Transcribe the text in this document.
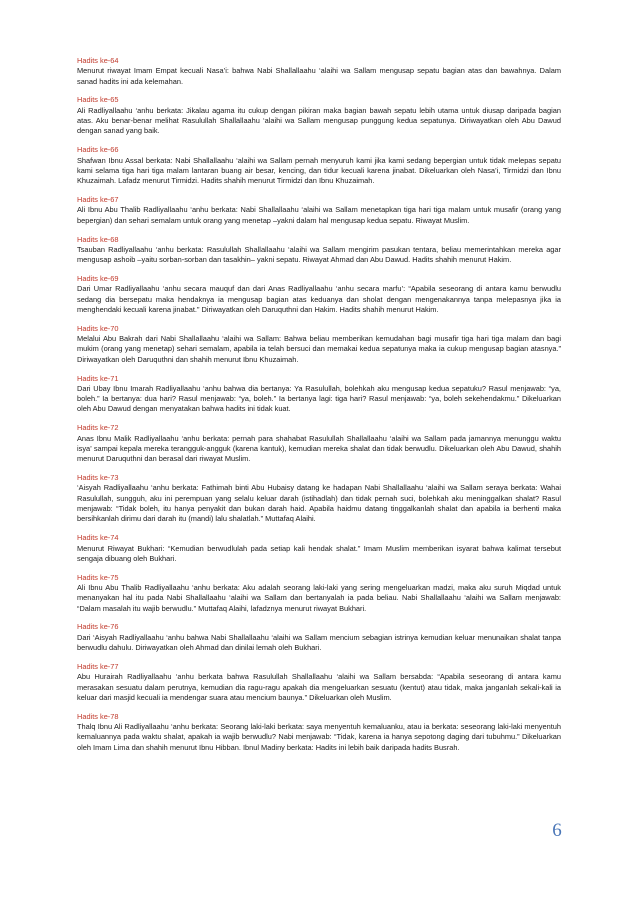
Hadits ke-64
Menurut riwayat Imam Empat kecuali Nasa’i: bahwa Nabi Shallallaahu ‘alaihi wa Sallam mengusap sepatu bagian atas dan bawahnya. Dalam sanad hadits ini ada kelemahan.
Hadits ke-65
Ali Radliyallaahu ‘anhu berkata: Jikalau agama itu cukup dengan pikiran maka bagian bawah sepatu lebih utama untuk diusap daripada bagian atas. Aku benar-benar melihat Rasulullah Shallallaahu ‘alaihi wa Sallam mengusap punggung kedua sepatunya. Diriwayatkan oleh Abu Dawud dengan sanad yang baik.
Hadits ke-66
Shafwan Ibnu Assal berkata: Nabi Shallallaahu ‘alaihi wa Sallam pernah menyuruh kami jika kami sedang bepergian untuk tidak melepas sepatu kami selama tiga hari tiga malam lantaran buang air besar, kencing, dan tidur kecuali karena jinabat. Dikeluarkan oleh Nasa’i, Tirmidzi dan Ibnu Khuzaimah. Lafadz menurut Tirmidzi. Hadits shahih menurut Tirmidzi dan Ibnu Khuzaimah.
Hadits ke-67
Ali Ibnu Abu Thalib Radliyallaahu ‘anhu berkata: Nabi Shallallaahu ‘alaihi wa Sallam menetapkan tiga hari tiga malam untuk musafir (orang yang bepergian) dan sehari semalam untuk orang yang menetap –yakni dalam hal mengusap kedua sepatu. Riwayat Muslim.
Hadits ke-68
Tsauban Radliyallaahu ‘anhu berkata: Rasulullah Shallallaahu ‘alaihi wa Sallam mengirim pasukan tentara, beliau memerintahkan mereka agar mengusap ashoib –yaitu sorban-sorban dan tasakhin– yakni sepatu. Riwayat Ahmad dan Abu Dawud. Hadits shahih menurut Hakim.
Hadits ke-69
Dari Umar Radliyallaahu ‘anhu secara mauquf dan dari Anas Radliyallaahu ‘anhu secara marfu’: “Apabila seseorang di antara kamu berwudlu sedang dia bersepatu maka hendaknya ia mengusap bagian atas keduanya dan sholat dengan mengenakannya tanpa melepasnya jika ia menghendaki kecuali karena jinabat.” Diriwayatkan oleh Daruquthni dan Hakim. Hadits shahih menurut Hakim.
Hadits ke-70
Melalui Abu Bakrah dari Nabi Shallallaahu ‘alaihi wa Sallam: Bahwa beliau memberikan kemudahan bagi musafir tiga hari tiga malam dan bagi mukim (orang yang menetap) sehari semalam, apabila ia telah bersuci dan memakai kedua sepatunya maka ia cukup mengusap bagian atasnya.” Diriwayatkan oleh Daruquthni dan shahih menurut Ibnu Khuzaimah.
Hadits ke-71
Dari Ubay Ibnu Imarah Radliyallaahu ‘anhu bahwa dia bertanya: Ya Rasulullah, bolehkah aku mengusap kedua sepatuku? Rasul menjawab: “ya, boleh.” Ia bertanya: dua hari? Rasul menjawab: “ya, boleh.” Ia bertanya lagi: tiga hari? Rasul menjawab: “ya, boleh sekehendakmu.” Dikeluarkan oleh Abu Dawud dengan menyatakan bahwa hadits ini tidak kuat.
Hadits ke-72
Anas Ibnu Malik Radliyallaahu ‘anhu berkata: pernah para shahabat Rasulullah Shallallaahu ‘alaihi wa Sallam pada jamannya menunggu waktu isya’ sampai kepala mereka terangguk-angguk (karena kantuk), kemudian mereka shalat dan tidak berwudlu. Dikeluarkan oleh Abu Dawud, shahih menurut Daruquthni dan berasal dari riwayat Muslim.
Hadits ke-73
‘Aisyah Radliyallaahu ‘anhu berkata: Fathimah binti Abu Hubaisy datang ke hadapan Nabi Shallallaahu ‘alaihi wa Sallam seraya berkata: Wahai Rasulullah, sungguh, aku ini perempuan yang selalu keluar darah (istihadlah) dan tidak pernah suci, bolehkah aku meninggalkan shalat? Rasul menjawab: “Tidak boleh, itu hanya penyakit dan bukan darah haid. Apabila haidmu datang tinggalkanlah shalat dan apabila ia berhenti maka bersihkanlah dirimu dari darah itu (mandi) lalu shalatlah.” Muttafaq Alaihi.
Hadits ke-74
Menurut Riwayat Bukhari: “Kemudian berwudlulah pada setiap kali hendak shalat.” Imam Muslim memberikan isyarat bahwa kalimat tersebut sengaja dibuang oleh Bukhari.
Hadits ke-75
Ali Ibnu Abu Thalib Radliyallaahu ‘anhu berkata: Aku adalah seorang laki-laki yang sering mengeluarkan madzi, maka aku suruh Miqdad untuk menanyakan hal itu pada Nabi Shallallaahu ‘alaihi wa Sallam dan bertanyalah ia pada beliau. Nabi Shallallaahu ‘alaihi wa Sallam menjawab: “Dalam masalah itu wajib berwudlu.” Muttafaq Alaihi, lafadznya menurut riwayat Bukhari.
Hadits ke-76
Dari ‘Aisyah Radliyallaahu ‘anhu bahwa Nabi Shallallaahu ‘alaihi wa Sallam mencium sebagian istrinya kemudian keluar menunaikan shalat tanpa berwudlu dahulu. Diriwayatkan oleh Ahmad dan dinilai lemah oleh Bukhari.
Hadits ke-77
Abu Hurairah Radliyallaahu ‘anhu berkata bahwa Rasulullah Shallallaahu ‘alaihi wa Sallam bersabda: “Apabila seseorang di antara kamu merasakan sesuatu dalam perutnya, kemudian dia ragu-ragu apakah dia mengeluarkan sesuatu (kentut) atau tidak, maka janganlah sekali-kali ia keluar dari masjid kecuali ia mendengar suara atau mencium baunya.” Dikeluarkan oleh Muslim.
Hadits ke-78
Thalq Ibnu Ali Radliyallaahu ‘anhu berkata: Seorang laki-laki berkata: saya menyentuh kemaluanku, atau ia berkata: seseorang laki-laki menyentuh kemaluannya pada waktu shalat, apakah ia wajib berwudlu? Nabi menjawab: “Tidak, karena ia hanya sepotong daging dari tubuhmu.” Dikeluarkan oleh Imam Lima dan shahih menurut Ibnu Hibban. Ibnul Madiny berkata: Hadits ini lebih baik daripada hadits Busrah.
6
